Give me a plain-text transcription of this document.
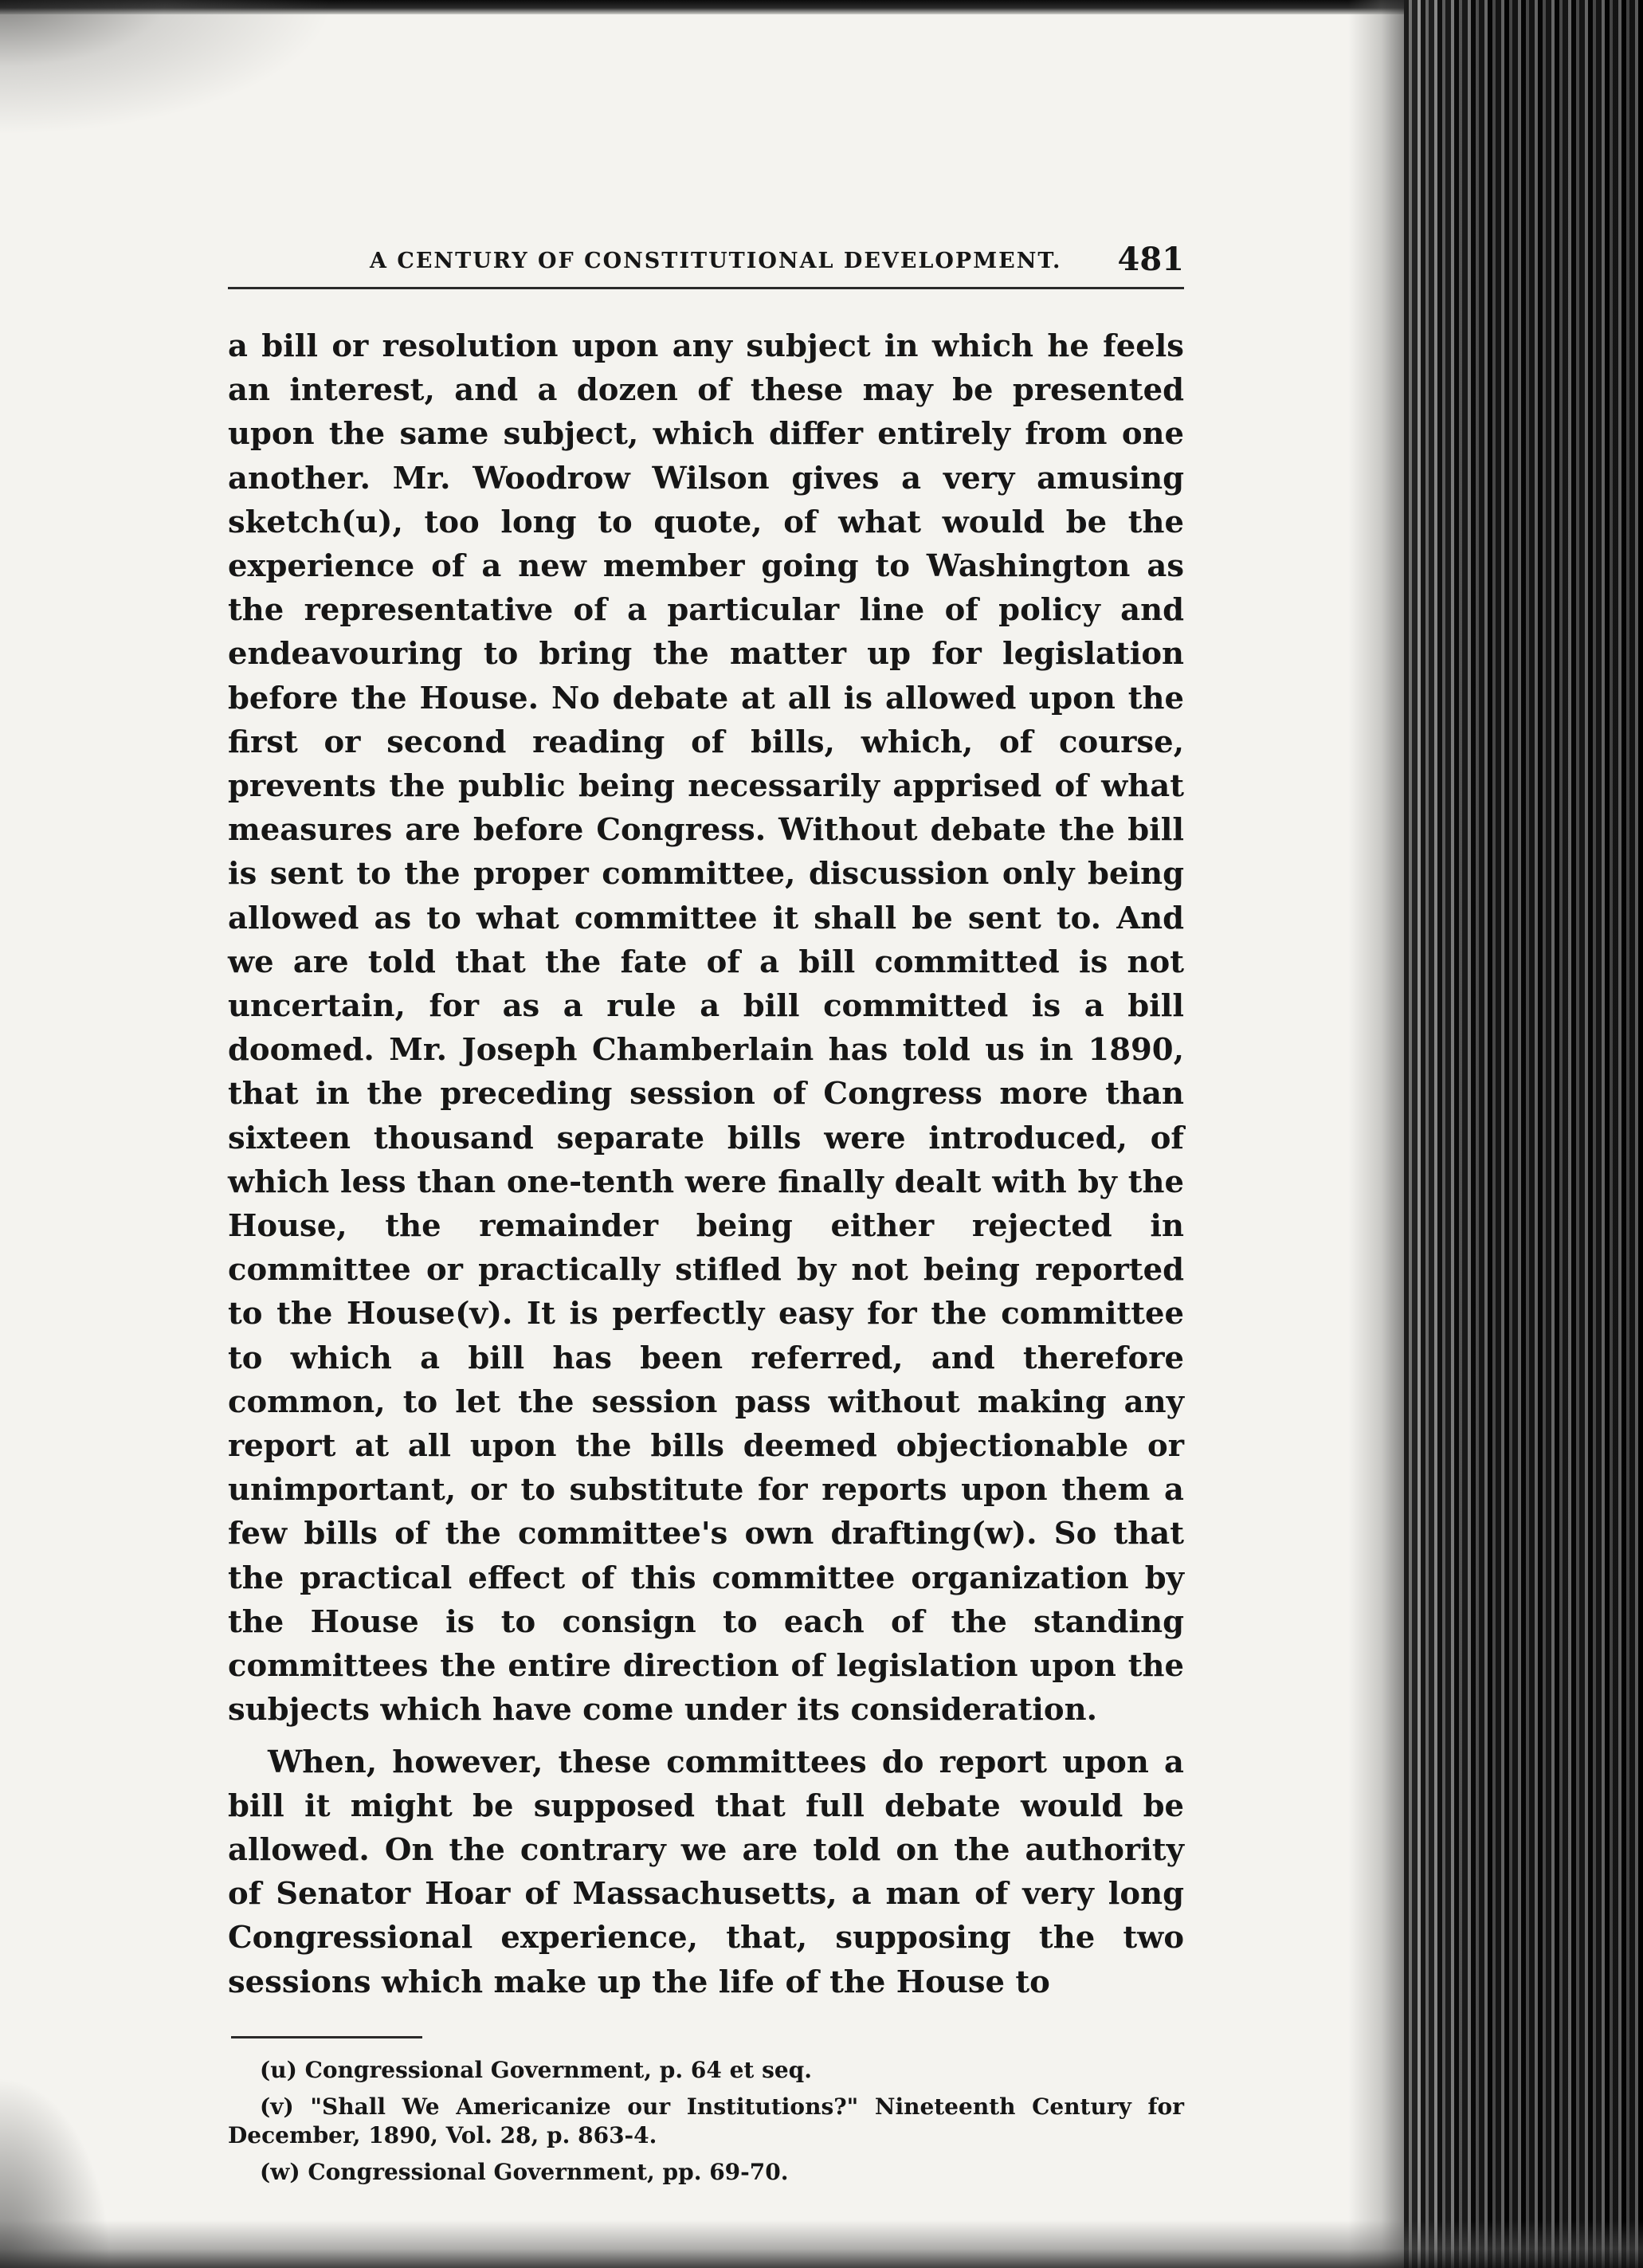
A CENTURY OF CONSTITUTIONAL DEVELOPMENT. 481

a bill or resolution upon any subject in which he feels an interest, and a dozen of these may be presented upon the same subject, which differ entirely from one another. Mr. Woodrow Wilson gives a very amusing sketch(u), too long to quote, of what would be the experience of a new member going to Washington as the representative of a particular line of policy and endeavouring to bring the matter up for legislation before the House. No debate at all is allowed upon the first or second reading of bills, which, of course, prevents the public being necessarily apprised of what measures are before Congress. Without debate the bill is sent to the proper committee, discussion only being allowed as to what committee it shall be sent to. And we are told that the fate of a bill committed is not uncertain, for as a rule a bill committed is a bill doomed. Mr. Joseph Chamberlain has told us in 1890, that in the preceding session of Congress more than sixteen thousand separate bills were introduced, of which less than one-tenth were finally dealt with by the House, the remainder being either rejected in committee or practically stifled by not being reported to the House(v). It is perfectly easy for the committee to which a bill has been referred, and therefore common, to let the session pass without making any report at all upon the bills deemed objectionable or unimportant, or to substitute for reports upon them a few bills of the committee's own drafting(w). So that the practical effect of this committee organization by the House is to consign to each of the standing committees the entire direction of legislation upon the subjects which have come under its consideration.

When, however, these committees do report upon a bill it might be supposed that full debate would be allowed. On the contrary we are told on the authority of Senator Hoar of Massachusetts, a man of very long Congressional experience, that, supposing the two sessions which make up the life of the House to

(u) Congressional Government, p. 64 et seq.

(v) "Shall We Americanize our Institutions?" Nineteenth Century for December, 1890, Vol. 28, p. 863-4.

(w) Congressional Government, pp. 69-70.
